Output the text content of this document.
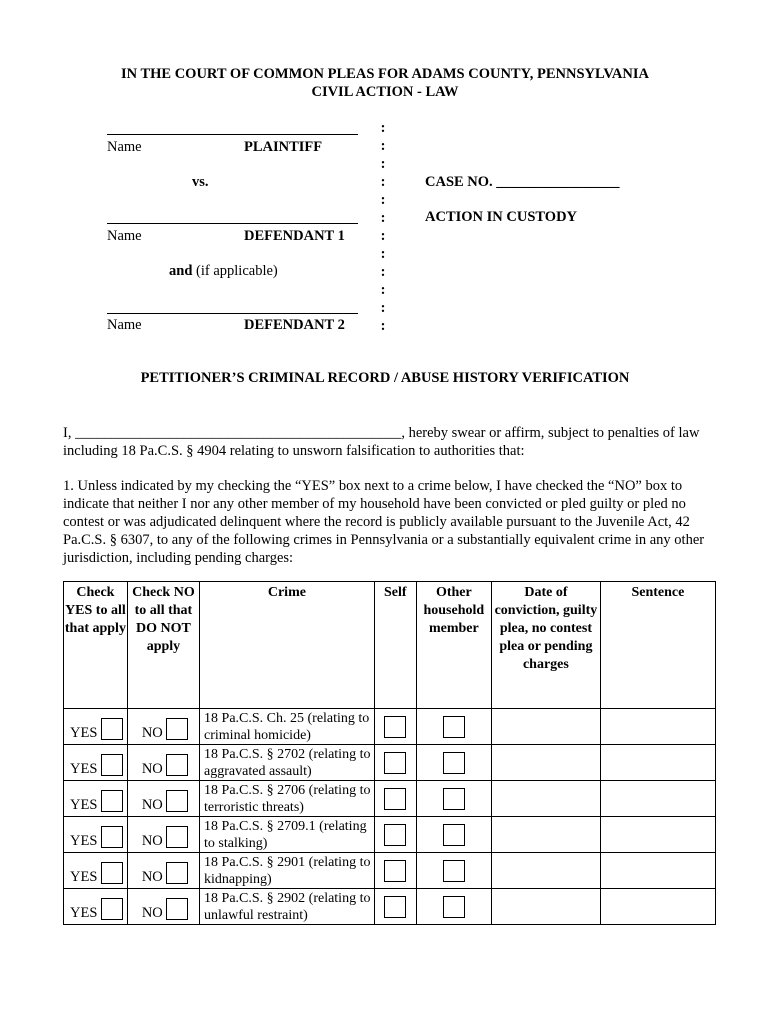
IN THE COURT OF COMMON PLEAS FOR ADAMS COUNTY, PENNSYLVANIA
CIVIL ACTION - LAW
Name	PLAINTIFF
vs.
Name	DEFENDANT 1
and (if applicable)
Name	DEFENDANT 2
:
:
:
:
:
:
:
:
:
:
:
:
CASE NO. _________________
ACTION IN CUSTODY
PETITIONER’S CRIMINAL RECORD / ABUSE HISTORY VERIFICATION
I, _____________________________________________, hereby swear or affirm, subject to penalties of law including 18 Pa.C.S. § 4904 relating to unsworn falsification to authorities that:
1. Unless indicated by my checking the “YES” box next to a crime below, I have checked the “NO” box to indicate that neither I nor any other member of my household have been convicted or pled guilty or pled no contest or was adjudicated delinquent where the record is publicly available pursuant to the Juvenile Act, 42 Pa.C.S. § 6307, to any of the following crimes in Pennsylvania or a substantially equivalent crime in any other jurisdiction, including pending charges:
Check YES to all that apply	Check NO to all that DO NOT apply	Crime	Self	Other household member	Date of conviction, guilty plea, no contest plea or pending charges	Sentence

YES	NO	18 Pa.C.S. Ch. 25 (relating to criminal homicide)				

YES	NO	18 Pa.C.S. § 2702 (relating to aggravated assault)				

YES	NO	18 Pa.C.S. § 2706 (relating to terroristic threats)				

YES	NO	18 Pa.C.S. § 2709.1 (relating to stalking)				

YES	NO	18 Pa.C.S. § 2901 (relating to kidnapping)				

YES	NO	18 Pa.C.S. § 2902 (relating to unlawful restraint)				
